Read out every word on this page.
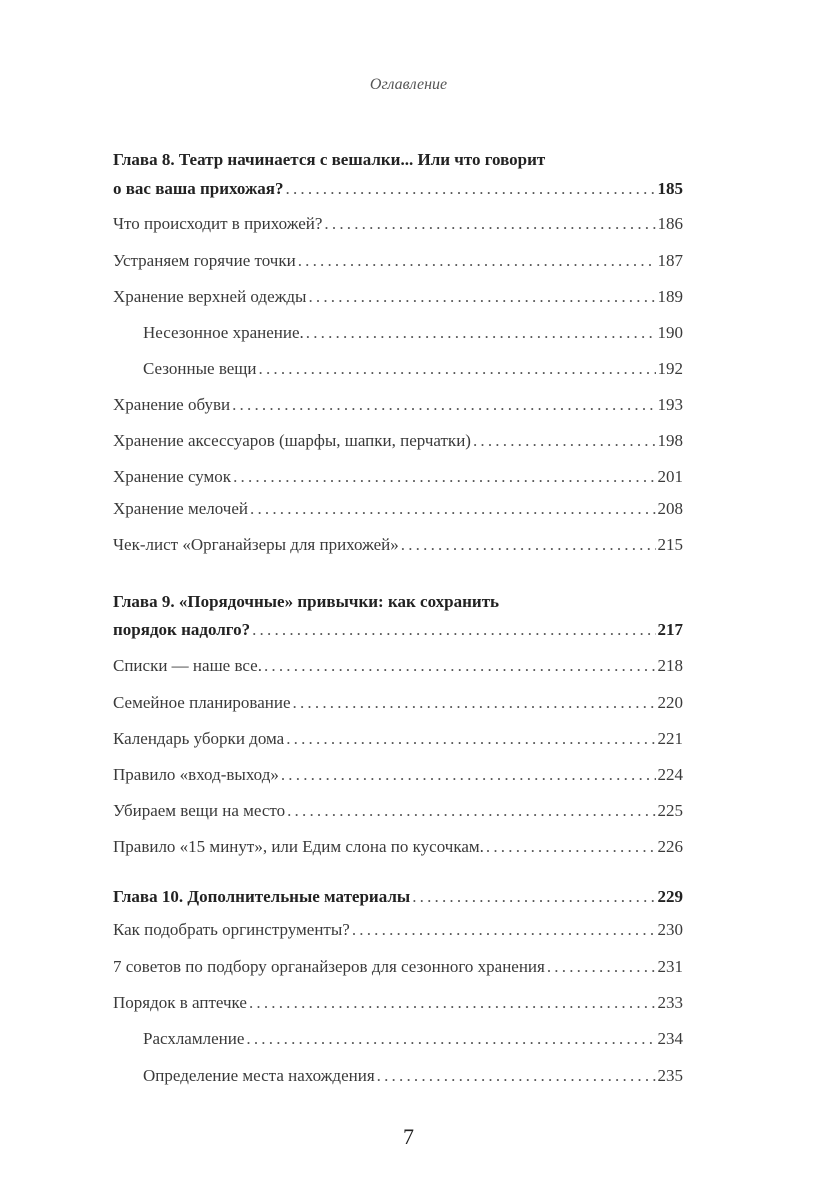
Оглавление
Глава 8. Театр начинается с вешалки... Или что говорит
о вас ваша прихожая? .....	185
Что происходит в прихожей? .....	186
Устраняем горячие точки .....	187
Хранение верхней одежды .....	189
Несезонное хранение. .....	190
Сезонные вещи .....	192
Хранение обуви .....	193
Хранение аксессуаров (шарфы, шапки, перчатки) .....	198
Хранение сумок .....	201
Хранение мелочей .....	208
Чек-лист «Органайзеры для прихожей» .....	215
Глава 9. «Порядочные» привычки: как сохранить
порядок надолго? .....	217
Списки — наше все. .....	218
Семейное планирование .....	220
Календарь уборки дома .....	221
Правило «вход-выход» .....	224
Убираем вещи на место .....	225
Правило «15 минут», или Едим слона по кусочкам. .....	226
Глава 10. Дополнительные материалы .....	229
Как подобрать оргинструменты? .....	230
7 советов по подбору органайзеров для сезонного хранения .....	231
Порядок в аптечке .....	233
Расхламление .....	234
Определение места нахождения .....	235
7
